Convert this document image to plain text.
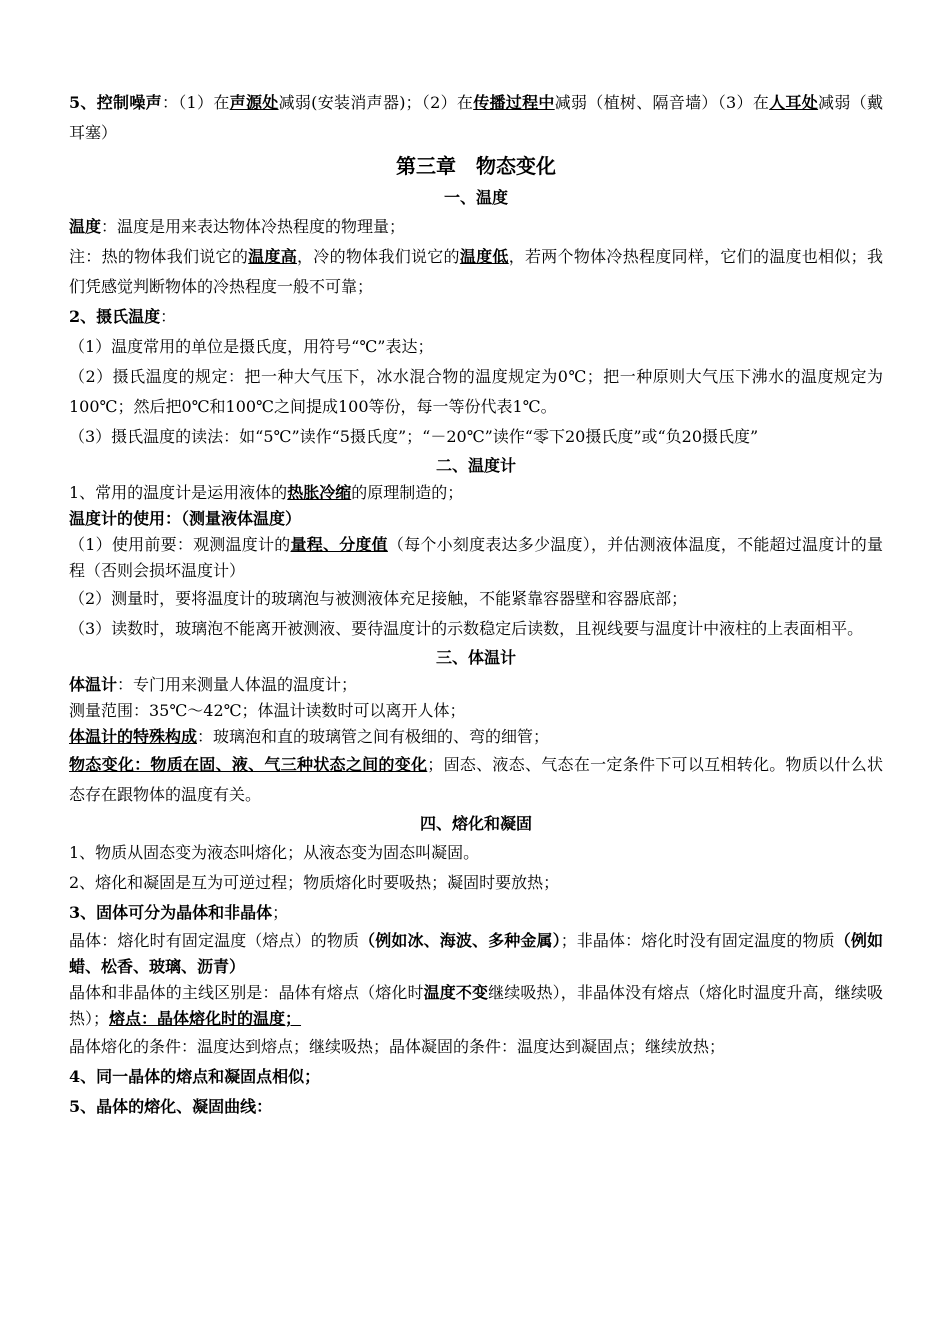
5、控制噪声：（1）在声源处减弱(安装消声器)；（2）在传播过程中减弱（植树、隔音墙）（3）在人耳处减弱（戴耳塞）

第三章　物态变化

一、温度

温度：温度是用来表达物体冷热程度的物理量；

注：热的物体我们说它的温度高，冷的物体我们说它的温度低，若两个物体冷热程度同样，它们的温度也相似；我们凭感觉判断物体的冷热程度一般不可靠；

2、摄氏温度：

（1）温度常用的单位是摄氏度，用符号“℃”表达；

（2）摄氏温度的规定：把一种大气压下，冰水混合物的温度规定为0℃；把一种原则大气压下沸水的温度规定为100℃；然后把0℃和100℃之间提成100等份，每一等份代表1℃。

（3）摄氏温度的读法：如“5℃”读作“5摄氏度”；“－20℃”读作“零下20摄氏度”或“负20摄氏度”

二、温度计

1、常用的温度计是运用液体的热胀冷缩的原理制造的；

温度计的使用：（测量液体温度）

（1）使用前要：观测温度计的量程、分度值（每个小刻度表达多少温度），并估测液体温度，不能超过温度计的量程（否则会损坏温度计）

（2）测量时，要将温度计的玻璃泡与被测液体充足接触，不能紧靠容器壁和容器底部；

（3）读数时，玻璃泡不能离开被测液、要待温度计的示数稳定后读数，且视线要与温度计中液柱的上表面相平。

三、体温计

体温计：专门用来测量人体温的温度计；

测量范围：35℃～42℃；体温计读数时可以离开人体；

体温计的特殊构成：玻璃泡和直的玻璃管之间有极细的、弯的细管；

物态变化：物质在固、液、气三种状态之间的变化；固态、液态、气态在一定条件下可以互相转化。物质以什么状态存在跟物体的温度有关。

四、熔化和凝固

1、物质从固态变为液态叫熔化；从液态变为固态叫凝固。

2、熔化和凝固是互为可逆过程；物质熔化时要吸热；凝固时要放热；

3、固体可分为晶体和非晶体；

晶体：熔化时有固定温度（熔点）的物质（例如冰、海波、多种金属）；非晶体：熔化时没有固定温度的物质（例如蜡、松香、玻璃、沥青）

晶体和非晶体的主线区别是：晶体有熔点（熔化时温度不变继续吸热），非晶体没有熔点（熔化时温度升高，继续吸热）；熔点：晶体熔化时的温度；

晶体熔化的条件：温度达到熔点；继续吸热；晶体凝固的条件：温度达到凝固点；继续放热；

4、同一晶体的熔点和凝固点相似；

5、晶体的熔化、凝固曲线：
